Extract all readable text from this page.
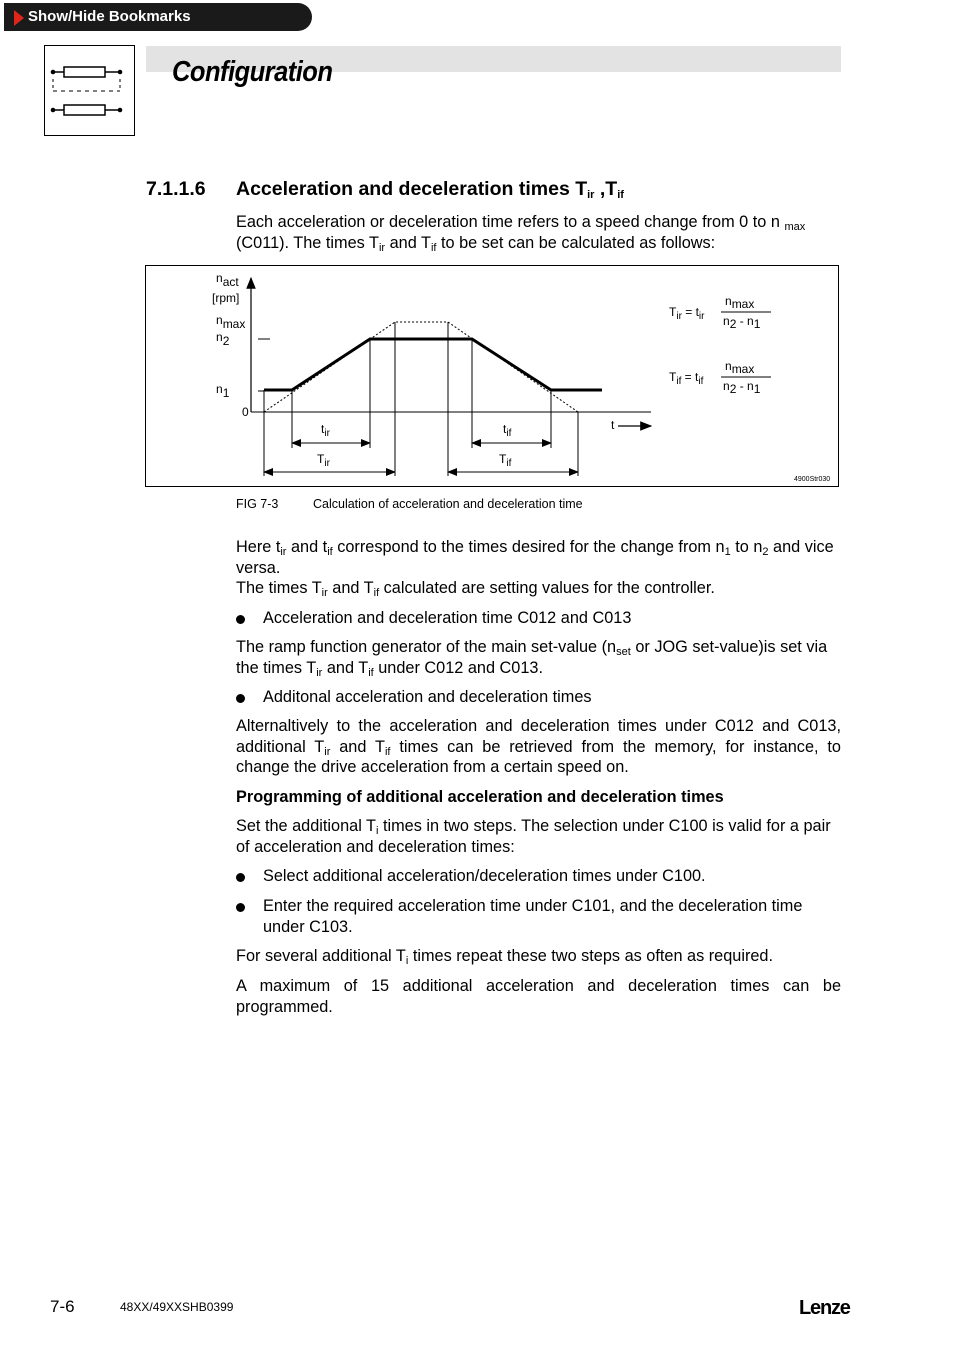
Show/Hide Bookmarks
Configuration
7.1.1.6 Acceleration and deceleration times $T_{ir}$ $,T_{if}$
Each acceleration or deceleration time refers to a speed change from 0 to n $_{max}$
(C011). The times $T_{ir}$ and $T_{if}$ to be set can be calculated as follows:
nact
[rpm]
nmax
n2
n1
0
t
$t_{ir}$	$t_{if}$
$T_{ir}$	$T_{if}$
$T_{ir} = t_{ir}$
nmax
n2 - n1
$T_{if} = t_{if}$
nmax
n2 - n1
4900Str030
FIG 7-3	Calculation of acceleration and deceleration time
Here $t_{ir}$ and $t_{if}$ correspond to the times desired for the change from $n_1$ to $n_2$ and vice versa.
The times $T_{ir}$ and $T_{if}$ calculated are setting values for the controller.
Acceleration and deceleration time C012 and C013
The ramp function generator of the main set-value ($n_{set}$ or JOG set-value)is set via the times $T_{ir}$ and $T_{if}$ under C012 and C013.
Additonal acceleration and deceleration times
Alternaltively to the acceleration and deceleration times under C012 and C013, additional $T_{ir}$ and $T_{if}$ times can be retrieved from the memory, for instance, to change the drive acceleration from a certain speed on.
Programming of additional acceleration and deceleration times
Set the additional $T_i$ times in two steps. The selection under C100 is valid for a pair of acceleration and deceleration times:
Select additional acceleration/deceleration times under C100.
Enter the required acceleration time under C101, and the deceleration time under C103.
For several additional $T_i$ times repeat these two steps as often as required.
A maximum of 15 additional acceleration and deceleration times can be programmed.
7-6	48XX/49XXSHB0399	Lenze
